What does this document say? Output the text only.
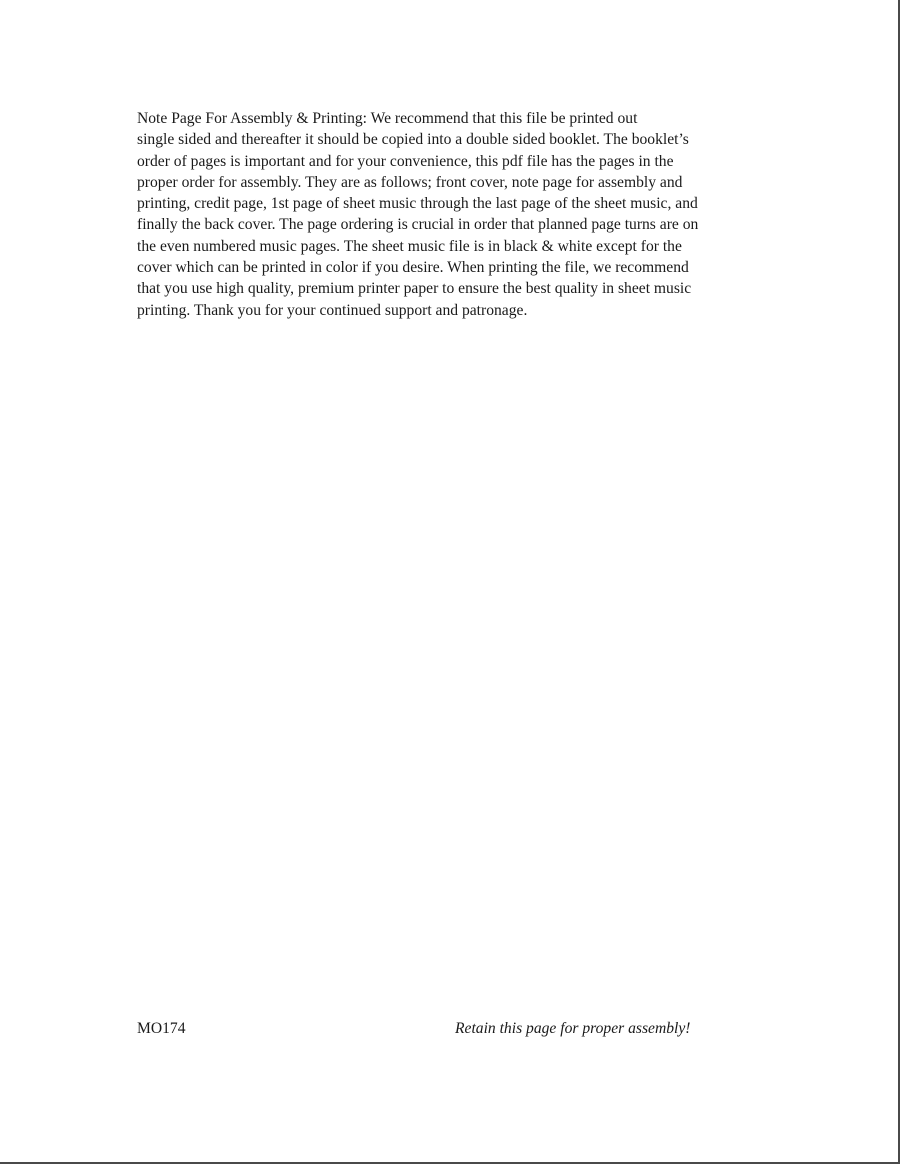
Note Page For Assembly & Printing: We recommend that this file be printed out
single sided and thereafter it should be copied into a double sided booklet. The booklet’s
order of pages is important and for your convenience, this pdf file has the pages in the
proper order for assembly. They are as follows; front cover, note page for assembly and
printing, credit page, 1st page of sheet music through the last page of the sheet music, and
finally the back cover. The page ordering is crucial in order that planned page turns are on
the even numbered music pages. The sheet music file is in black & white except for the
cover which can be printed in color if you desire. When printing the file, we recommend
that you use high quality, premium printer paper to ensure the best quality in sheet music
printing. Thank you for your continued support and patronage.
MO174	Retain this page for proper assembly!
